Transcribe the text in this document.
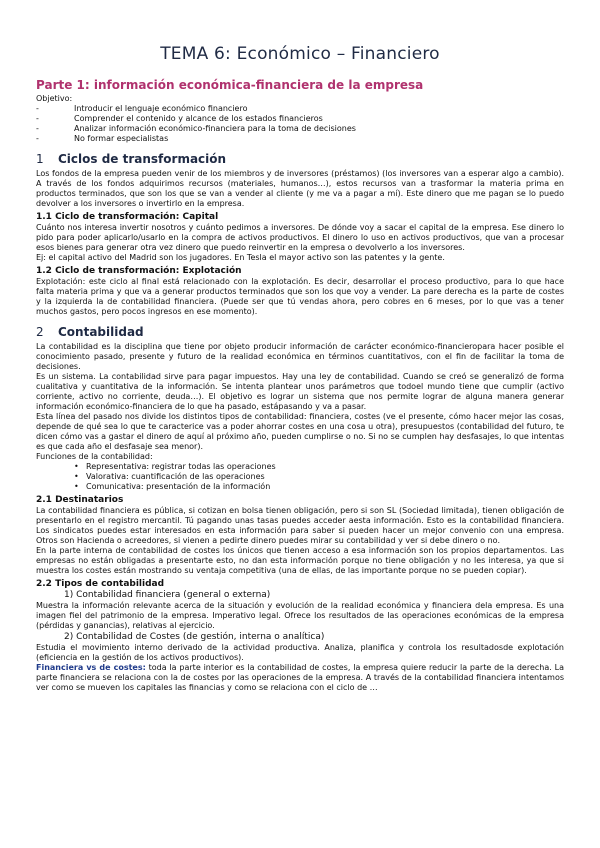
TEMA 6: Económico – Financiero
Parte 1: información económica-financiera de la empresa
Objetivo:
-	Introducir el lenguaje económico financiero
-	Comprender el contenido y alcance de los estados financieros
-	Analizar información económico-financiera para la toma de decisiones
-	No formar especialistas
1 Ciclos de transformación

Los fondos de la empresa pueden venir de los miembros y de inversores (préstamos) (los inversores van a esperar algo a cambio). A través de los fondos adquirimos recursos (materiales, humanos…), estos recursos van a trasformar la materia prima en productos terminados, que son los que se van a vender al cliente (y me va a pagar a mí). Este dinero que me pagan se lo puedo devolver a los inversores o invertirlo en la empresa.

1.1 Ciclo de transformación: Capital

Cuánto nos interesa invertir nosotros y cuánto pedimos a inversores. De dónde voy a sacar el capital de la empresa. Ese dinero lo pido para poder aplicarlo/usarlo en la compra de activos productivos. El dinero lo uso en activos productivos, que van a procesar esos bienes para generar otra vez dinero que puedo reinvertir en la empresa o devolverlo a los inversores.

Ej: el capital activo del Madrid son los jugadores. En Tesla el mayor activo son las patentes y la gente.

1.2 Ciclo de transformación: Explotación

Explotación: este ciclo al final está relacionado con la explotación. Es decir, desarrollar el proceso productivo, para lo que hace falta materia prima y que va a generar productos terminados que son los que voy a vender. La pare derecha es la parte de costes y la izquierda la de contabilidad financiera. (Puede ser que tú vendas ahora, pero cobres en 6 meses, por lo que vas a tener muchos gastos, pero pocos ingresos en ese momento).

2 Contabilidad

La contabilidad es la disciplina que tiene por objeto producir información de carácter económico-financieropara hacer posible el conocimiento pasado, presente y futuro de la realidad económica en términos cuantitativos, con el fin de facilitar la toma de decisiones.

Es un sistema. La contabilidad sirve para pagar impuestos. Hay una ley de contabilidad. Cuando se creó se generalizó de forma cualitativa y cuantitativa de la información. Se intenta plantear unos parámetros que todoel mundo tiene que cumplir (activo corriente, activo no corriente, deuda…). El objetivo es lograr un sistema que nos permite lograr de alguna manera generar información económico-financiera de lo que ha pasado, estápasando y va a pasar.

Esta línea del pasado nos divide los distintos tipos de contabilidad: financiera, costes (ve el presente, cómo hacer mejor las cosas, depende de qué sea lo que te caracterice vas a poder ahorrar costes en una cosa u otra), presupuestos (contabilidad del futuro, te dicen cómo vas a gastar el dinero de aquí al próximo año, pueden cumplirse o no. Si no se cumplen hay desfasajes, lo que intentas es que cada año el desfasaje sea menor).

Funciones de la contabilidad:

• Representativa: registrar todas las operaciones
• Valorativa: cuantificación de las operaciones
• Comunicativa: presentación de la información
2.1 Destinatarios

La contabilidad financiera es pública, si cotizan en bolsa tienen obligación, pero si son SL (Sociedad limitada), tienen obligación de presentarlo en el registro mercantil. Tú pagando unas tasas puedes acceder aesta información. Esto es la contabilidad financiera. Los sindicatos puedes estar interesados en esta información para saber si pueden hacer un mejor convenio con una empresa. Otros son Hacienda o acreedores, si vienen a pedirte dinero puedes mirar su contabilidad y ver si debe dinero o no.

En la parte interna de contabilidad de costes los únicos que tienen acceso a esa información son los propios departamentos. Las empresas no están obligadas a presentarte esto, no dan esta información porque no tiene obligación y no les interesa, ya que si muestra los costes están mostrando su ventaja competitiva (una de ellas, de las importante porque no se pueden copiar).

2.2 Tipos de contabilidad
1) Contabilidad financiera (general o externa)

Muestra la información relevante acerca de la situación y evolución de la realidad económica y financiera dela empresa. Es una imagen fiel del patrimonio de la empresa. Imperativo legal. Ofrece los resultados de las operaciones económicas de la empresa (pérdidas y ganancias), relativas al ejercicio.

2) Contabilidad de Costes (de gestión, interna o analítica)

Estudia el movimiento interno derivado de la actividad productiva. Analiza, planifica y controla los resultadosde explotación (eficiencia en la gestión de los activos productivos).

Financiera vs de costes: toda la parte interior es la contabilidad de costes, la empresa quiere reducir la parte de la derecha. La parte financiera se relaciona con la de costes por las operaciones de la empresa. A través de la contabilidad financiera intentamos ver como se mueven los capitales las financias y como se relaciona con el ciclo de …
